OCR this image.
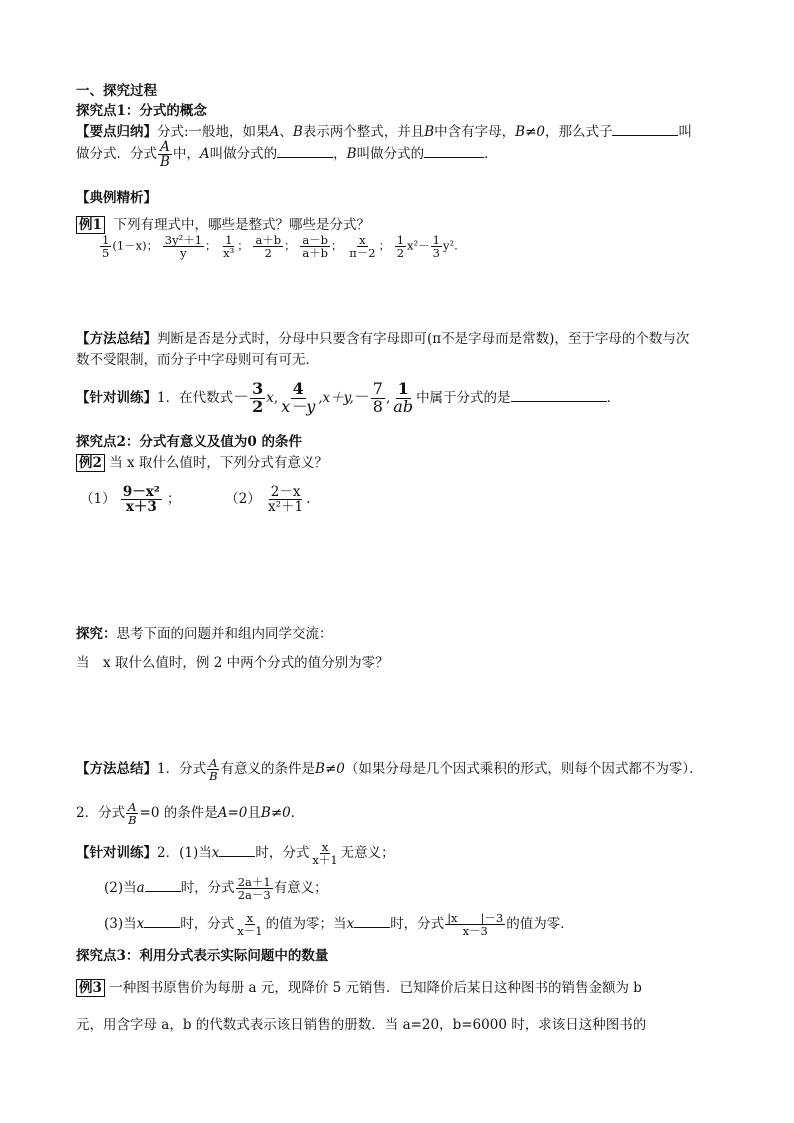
一、探究过程
探究点1：分式的概念
【要点归纳】分式:一般地，如果A、B表示两个整式，并且B中含有字母，B≠0，那么式子	叫
做分式．分式 $\frac{A}{B}$ 中，A叫做分式的	，B叫做分式的	．
【典例精析】
例1 下列有理式中，哪些是整式？哪些是分式？
$\frac{1}{5} (1-x)$； $\frac{\text{3y²＋1}}{y}$ ； $\frac{1}{\text{x³}}$ ； $\frac{a+b}{2}$ ； $\frac{a-b}{a+b}$ ； $\frac{x}{\pi-2}$ ； $\frac{1}{2} x^2- \frac{1}{3} y^2$.
【方法总结】判断是否是分式时，分母中只要含有字母即可(π不是字母而是常数)，至于字母的个数与次
数不受限制，而分子中字母则可有可无．
【针对训练】1．在代数式－ $\frac{3}{2} x$, $\frac{4}{x-y} ,x+y,- \frac{7}{8}$ , $\frac{1}{ab}$ 中属于分式的是	．
探究点2：分式有意义及值为0 的条件
例2 当 x 取什么值时，下列分式有意义？
$(1) \frac{\text{9－x²}}{x+3}$ ；	$(2) \frac{2-x}{\text{x²＋1}}$ .
探究：思考下面的问题并和组内同学交流：
当　x 取什么值时，例 2 中两个分式的值分别为零？
【方法总结】1．分式 $\frac{A}{B}$ 有意义的条件是B≠0（如果分母是几个因式乘积的形式，则每个因式都不为零）．
2．分式 $\frac{A}{B} =0$ 的条件是A=0且B≠0．
【针对训练】2．(1)当x	时，分式 $\frac{x}{x+1}$ 无意义；
(2)当a	时，分式 $\frac{2a+1}{2a-3}$ 有意义；
(3)当x	时，分式 $\frac{x}{x-1}$ 的值为零；当x	时，分式 $\frac{|x |-3}{x-3}$ 的值为零．
探究点3：利用分式表示实际问题中的数量
例3 一种图书原售价为每册 a 元，现降价 5 元销售．已知降价后某日这种图书的销售金额为 b
元，用含字母 a，b 的代数式表示该日销售的册数．当 a=20，b=6000 时，求该日这种图书的
